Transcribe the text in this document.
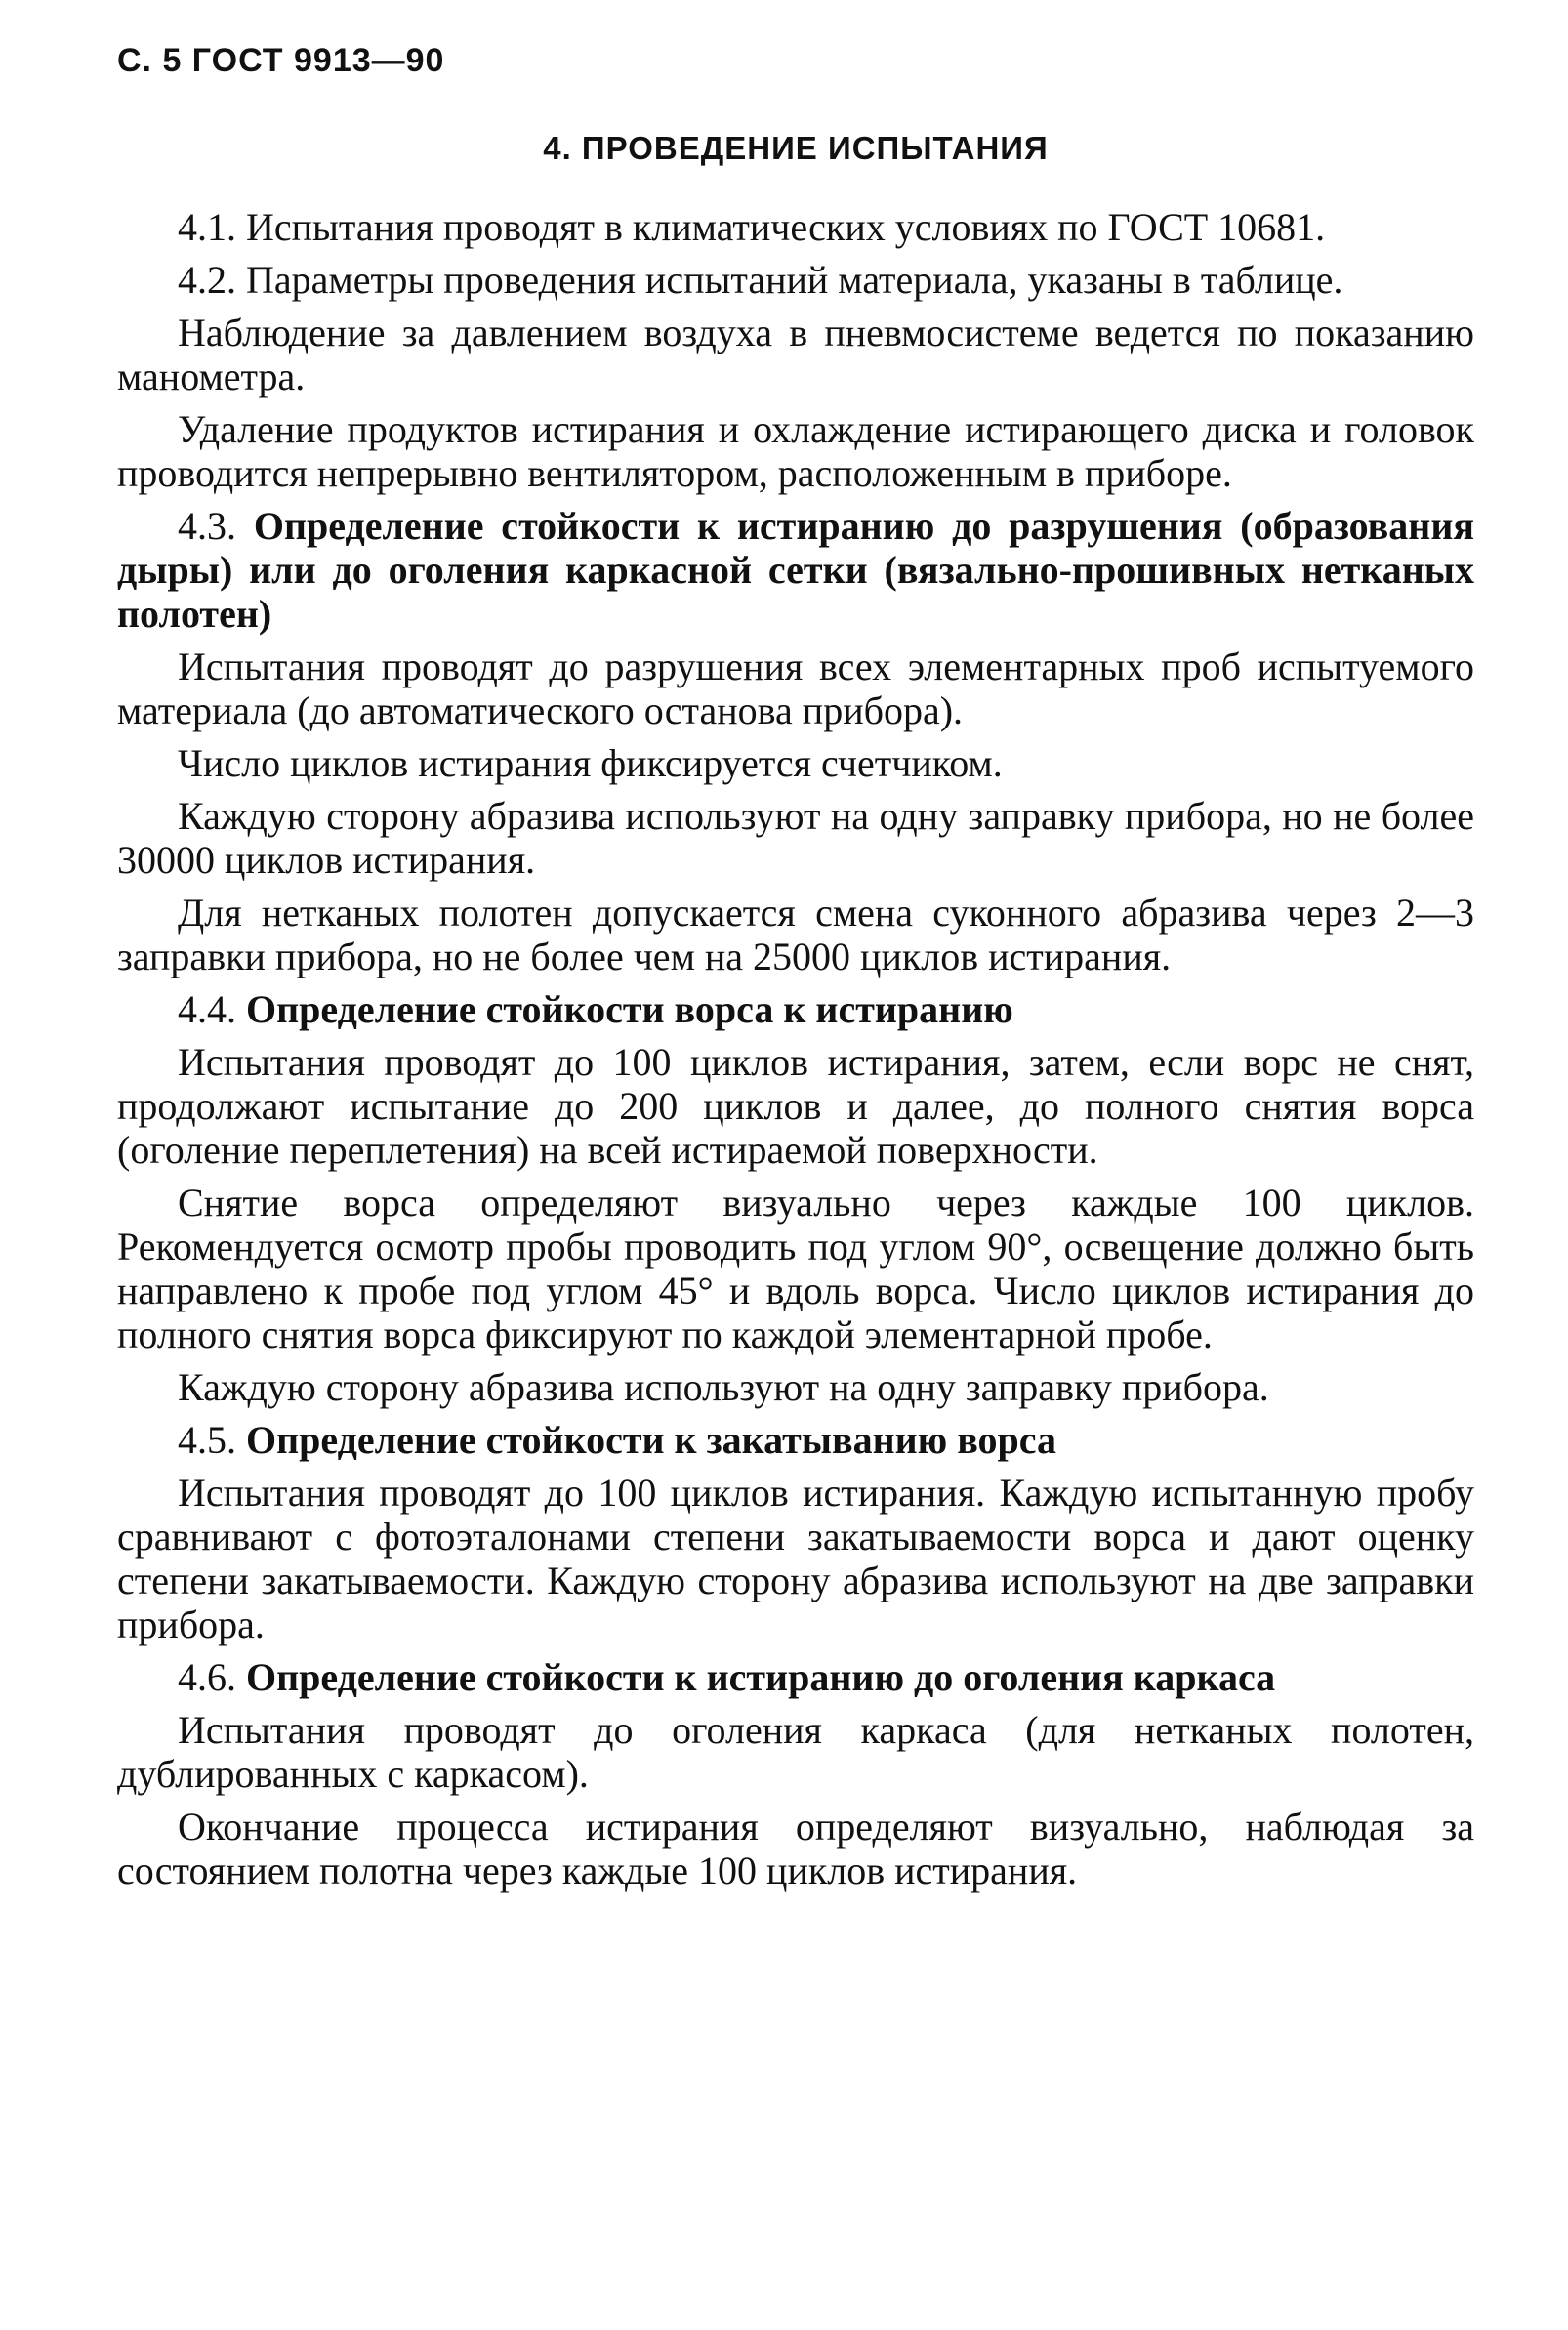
С. 5 ГОСТ 9913—90
4. ПРОВЕДЕНИЕ ИСПЫТАНИЯ

4.1. Испытания проводят в климатических условиях по ГОСТ 10681.

4.2. Параметры проведения испытаний материала, указаны в таблице.

Наблюдение за давлением воздуха в пневмосистеме ведется по показанию манометра.

Удаление продуктов истирания и охлаждение истирающего диска и головок проводится непрерывно вентилятором, расположенным в приборе.

4.3. Определение стойкости к истиранию до разрушения (образования дыры) или до оголения каркасной сетки (вязально-прошивных нетканых полотен)

Испытания проводят до разрушения всех элементарных проб испытуемого материала (до автоматического останова прибора).

Число циклов истирания фиксируется счетчиком.

Каждую сторону абразива используют на одну заправку прибора, но не более 30000 циклов истирания.

Для нетканых полотен допускается смена суконного абразива через 2—3 заправки прибора, но не более чем на 25000 циклов истирания.

4.4. Определение стойкости ворса к истиранию

Испытания проводят до 100 циклов истирания, затем, если ворс не снят, продолжают испытание до 200 циклов и далее, до полного снятия ворса (оголение переплетения) на всей истираемой поверхности.

Снятие ворса определяют визуально через каждые 100 циклов. Рекомендуется осмотр пробы проводить под углом 90°, освещение должно быть направлено к пробе под углом 45° и вдоль ворса. Число циклов истирания до полного снятия ворса фиксируют по каждой элементарной пробе.

Каждую сторону абразива используют на одну заправку прибора.

4.5. Определение стойкости к закатыванию ворса

Испытания проводят до 100 циклов истирания. Каждую испытанную пробу сравнивают с фотоэталонами степени закатываемости ворса и дают оценку степени закатываемости. Каждую сторону абразива используют на две заправки прибора.

4.6. Определение стойкости к истиранию до оголения каркаса

Испытания проводят до оголения каркаса (для нетканых полотен, дублированных с каркасом).

Окончание процесса истирания определяют визуально, наблюдая за состоянием полотна через каждые 100 циклов истирания.
